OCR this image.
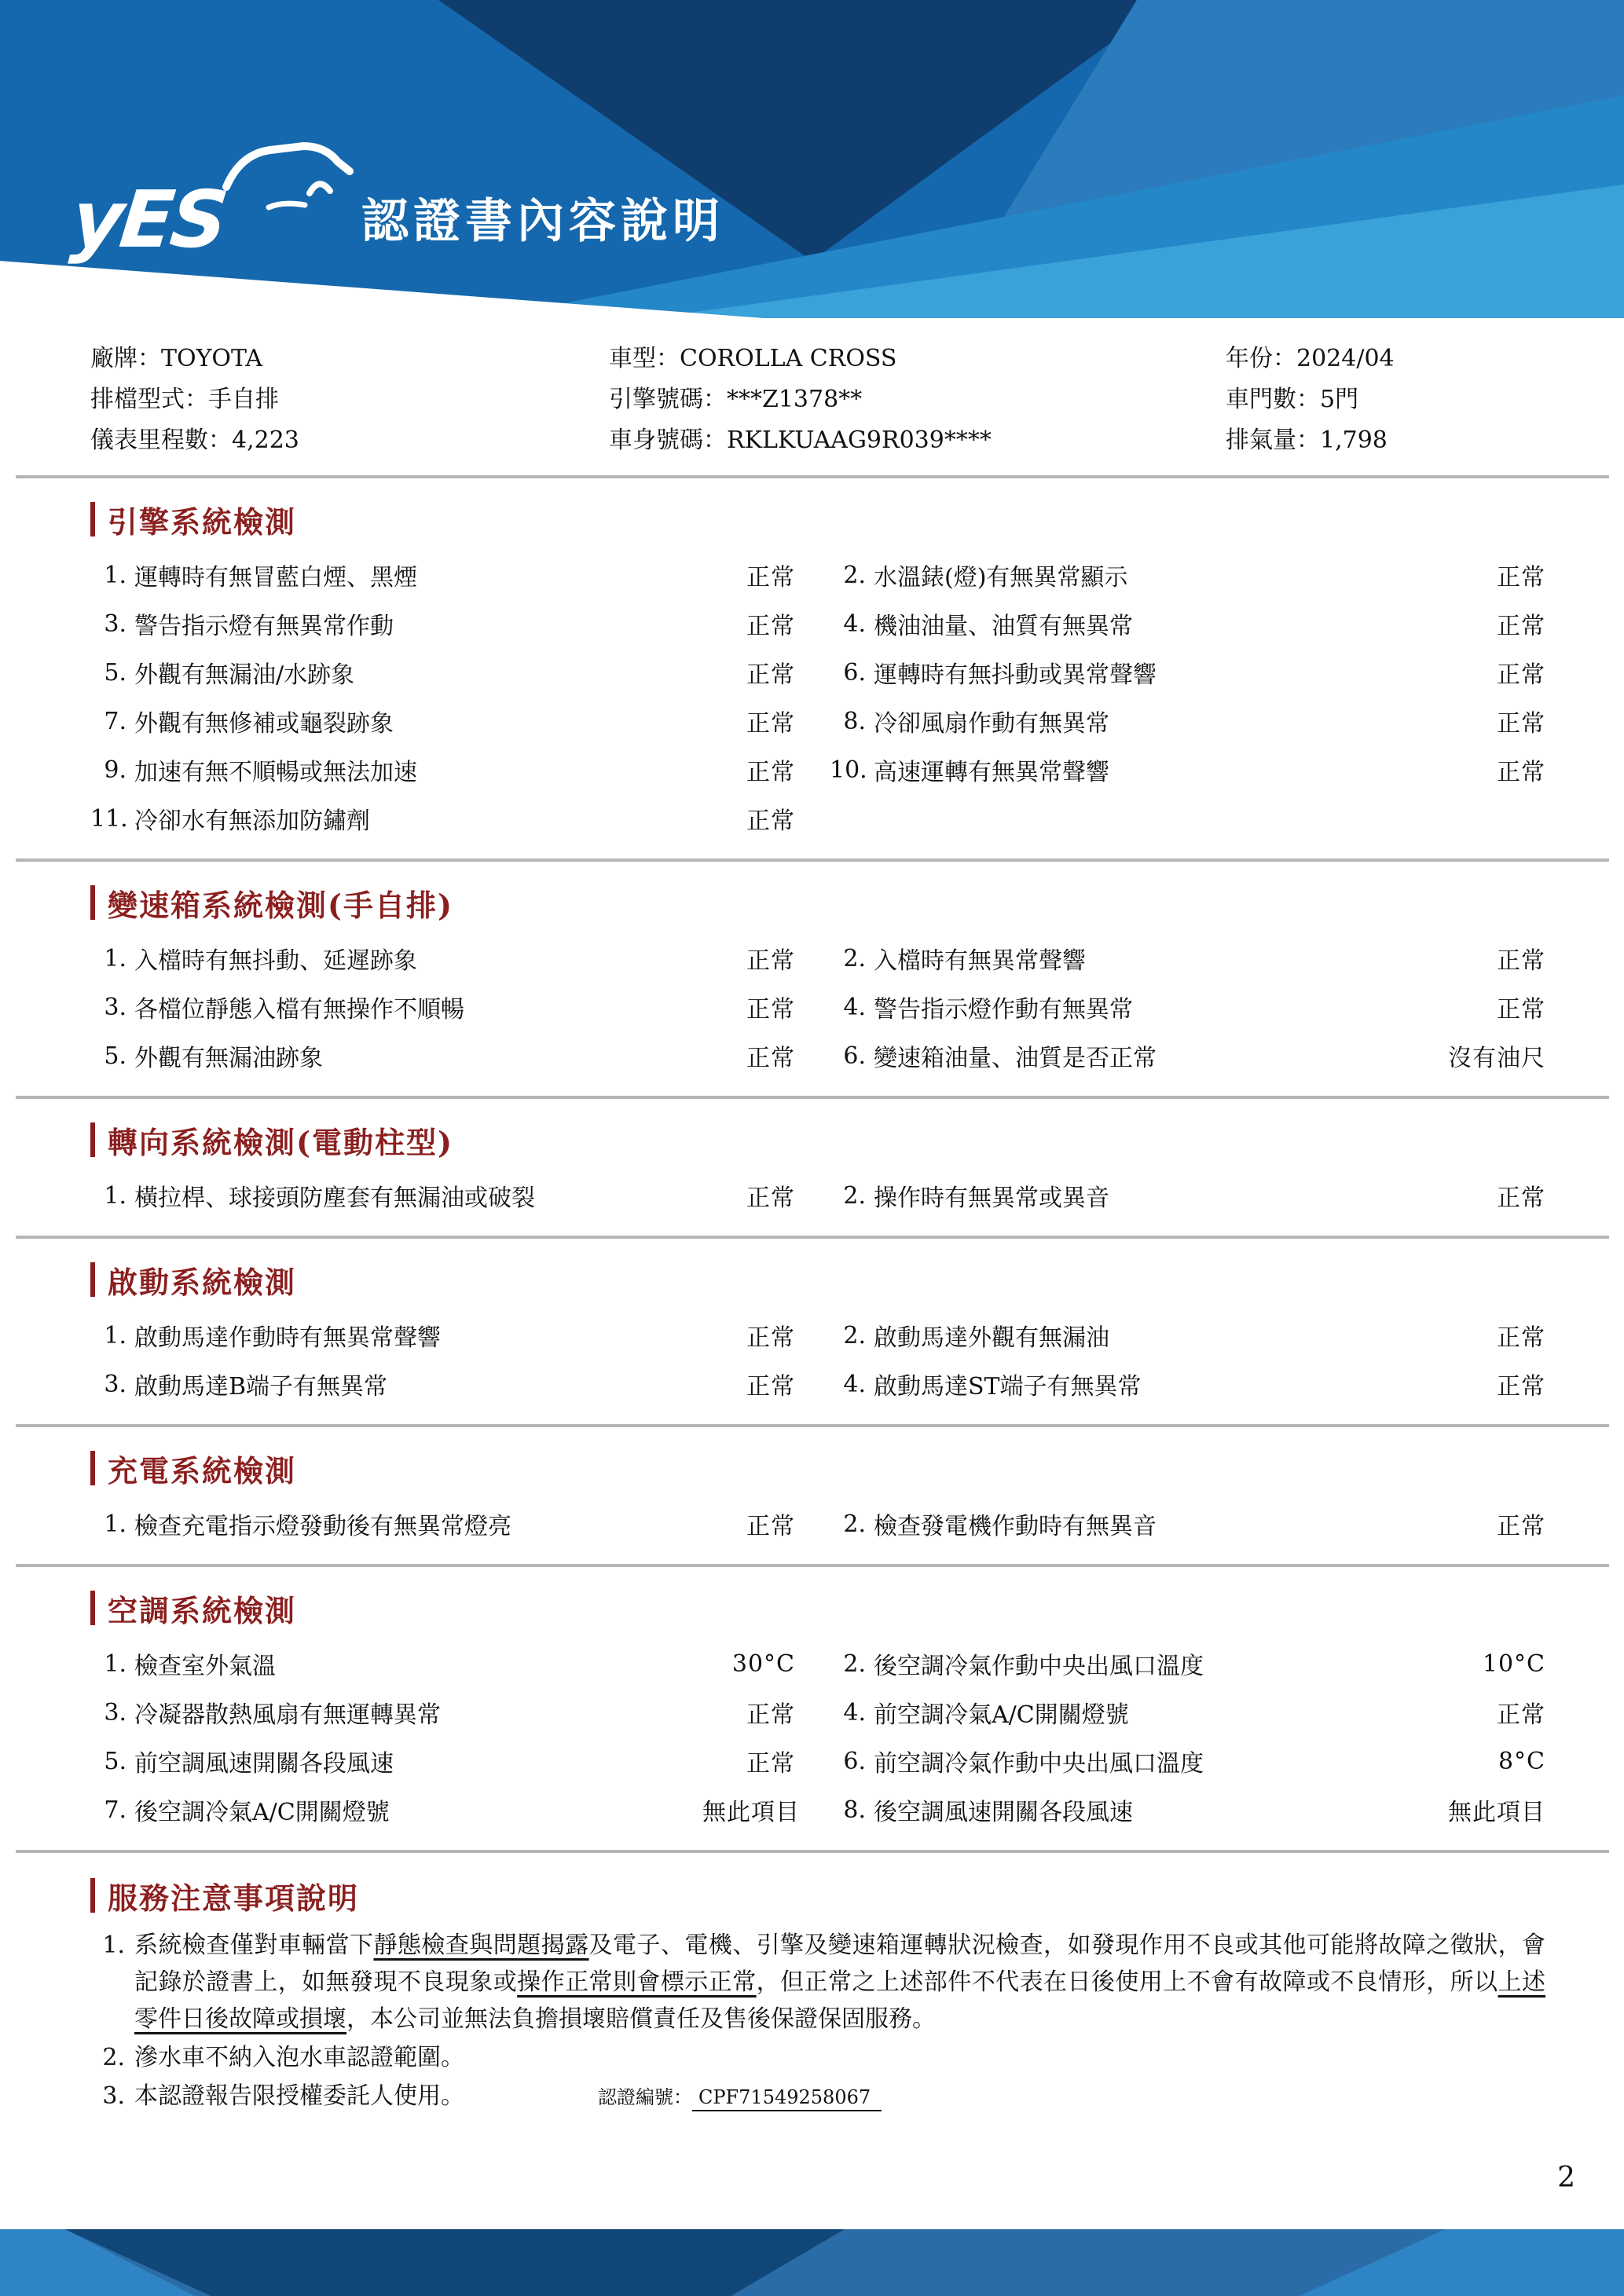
yES	認證書內容說明
廠牌：TOYOTA
排檔型式：手自排
儀表里程數：4,223
車型：COROLLA CROSS
引擎號碼：***Z1378**
車身號碼：RKLKUAAG9R039****
年份：2024/04
車門數：5門
排氣量：1,798
引擎系統檢測
1. 運轉時有無冒藍白煙、黑煙	正常	2. 水溫錶(燈)有無異常顯示	正常
3. 警告指示燈有無異常作動	正常	4. 機油油量、油質有無異常	正常
5. 外觀有無漏油/水跡象	正常	6. 運轉時有無抖動或異常聲響	正常
7. 外觀有無修補或龜裂跡象	正常	8. 冷卻風扇作動有無異常	正常
9. 加速有無不順暢或無法加速	正常 10. 高速運轉有無異常聲響	正常
11. 冷卻水有無添加防鏽劑	正常
變速箱系統檢測(手自排)
1. 入檔時有無抖動、延遲跡象	正常	2. 入檔時有無異常聲響	正常
3. 各檔位靜態入檔有無操作不順暢	正常	4. 警告指示燈作動有無異常	正常
5. 外觀有無漏油跡象	正常	6. 變速箱油量、油質是否正常	沒有油尺
轉向系統檢測(電動柱型)
1. 橫拉桿、球接頭防塵套有無漏油或破裂	正常	2. 操作時有無異常或異音	正常
啟動系統檢測
1. 啟動馬達作動時有無異常聲響	正常	2. 啟動馬達外觀有無漏油	正常
3. 啟動馬達B端子有無異常	正常	4. 啟動馬達ST端子有無異常	正常
充電系統檢測
1. 檢查充電指示燈發動後有無異常燈亮	正常	2. 檢查發電機作動時有無異音	正常
空調系統檢測
1. 檢查室外氣溫	30°C	2. 後空調冷氣作動中央出風口溫度	10°C
3. 冷凝器散熱風扇有無運轉異常	正常	4. 前空調冷氣A/C開關燈號	正常
5. 前空調風速開關各段風速	正常	6. 前空調冷氣作動中央出風口溫度	8°C
7. 後空調冷氣A/C開關燈號	無此項目	8. 後空調風速開關各段風速	無此項目
服務注意事項說明
1. 系統檢查僅對車輛當下靜態檢查與問題揭露及電子、電機、引擎及變速箱運轉狀況檢查，如發現作用不良或其他可能將故障之徵狀，會記錄於證書上，如無發現不良現象或操作正常則會標示正常，但正常之上述部件不代表在日後使用上不會有故障或不良情形，所以上述零件日後故障或損壞，本公司並無法負擔損壞賠償責任及售後保證保固服務。
2. 滲水車不納入泡水車認證範圍。
3. 本認證報告限授權委託人使用。	認證編號： CPF71549258067
2
